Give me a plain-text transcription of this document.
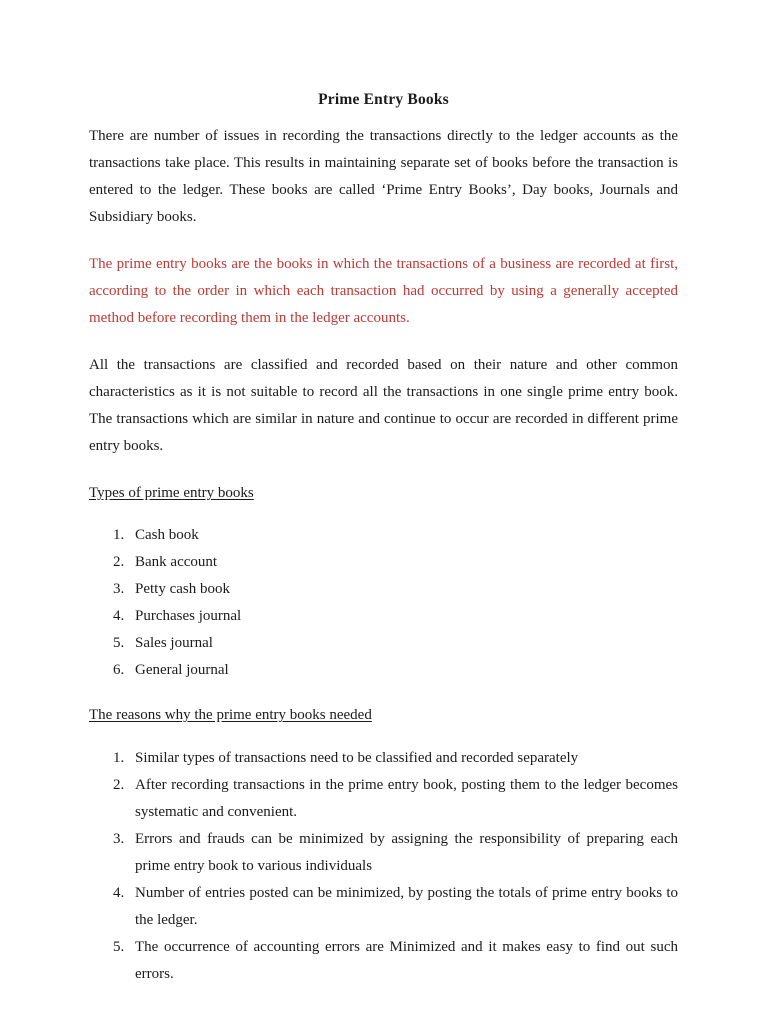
Prime Entry Books

There are number of issues in recording the transactions directly to the ledger accounts as the transactions take place. This results in maintaining separate set of books before the transaction is entered to the ledger. These books are called ‘Prime Entry Books’, Day books, Journals and Subsidiary books.

The prime entry books are the books in which the transactions of a business are recorded at first, according to the order in which each transaction had occurred by using a generally accepted method before recording them in the ledger accounts.

All the transactions are classified and recorded based on their nature and other common characteristics as it is not suitable to record all the transactions in one single prime entry book. The transactions which are similar in nature and continue to occur are recorded in different prime entry books.

Types of prime entry books
Cash book
Bank account
Petty cash book
Purchases journal
Sales journal
General journal
The reasons why the prime entry books needed
Similar types of transactions need to be classified and recorded separately
After recording transactions in the prime entry book, posting them to the ledger becomes systematic and convenient.
Errors and frauds can be minimized by assigning the responsibility of preparing each prime entry book to various individuals
Number of entries posted can be minimized, by posting the totals of prime entry books to the ledger.
The occurrence of accounting errors are Minimized and it makes easy to find out such errors.
